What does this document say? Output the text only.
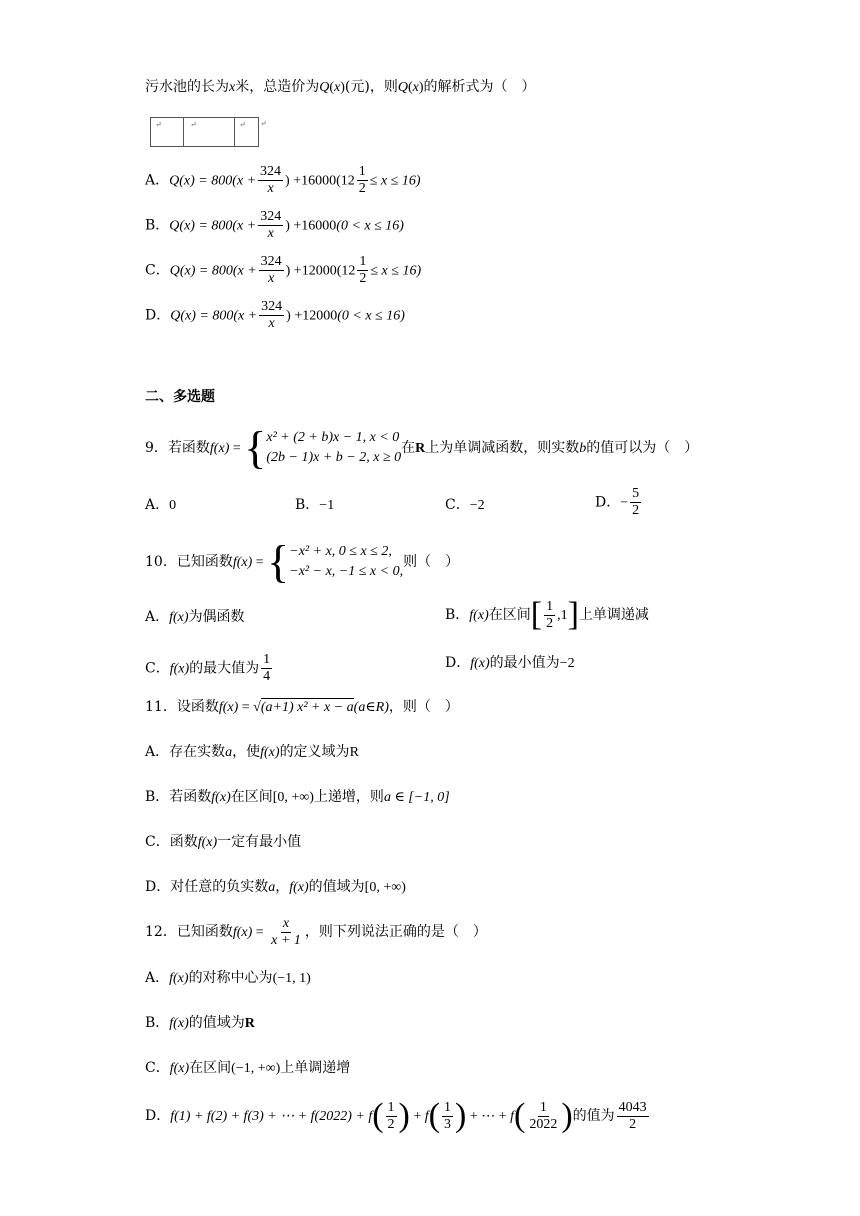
污水池的长为x米，总造价为Q(x)(元)，则Q(x)的解析式为（　）
↵	↵	↵ ↵
A．$Q(x) = 800(x + \frac{324}{x}$ ) $+16000(12 \frac{1}{2} \le x \le 16)$
B．$Q(x) = 800(x + \frac{324}{x}$ ) +16000(0 < x ≤ 16)
C．$Q(x) = 800(x + \frac{324}{x}$ ) $+12000(12 \frac{1}{2} \le x \le 16)$
D．$Q(x) = 800(x + \frac{324}{x}$ ) +12000(0 < x ≤ 16)
二、多选题
9．若函数f(x) = { x² + (2 + b)x − 1, x < 0
(2b − 1)x + b − 2, x ≥ 0
在R上为单调减函数，则实数b的值可以为（　）
A．0	B．−1	C．−2	D．− $\frac{5}{2}$
10．已知函数f(x) = { −x² + x, 0 ≤ x ≤ 2,
−x² − x, −1 ≤ x < 0,
则（　）
A．f(x)为偶函数	B．f(x)在区间[ $\frac{1}{2} ,1$]上单调递减
C．f(x)的最大值为 $\frac{1}{4}$	D．f(x)的最小值为−2
11．设函数f(x) = √(a+1) x² + x − a(a∈R)，则（　）
A．存在实数a，使f(x)的定义域为R
B．若函数f(x)在区间[0, +∞)上递增，则a ∈ [−1, 0]
C．函数f(x)一定有最小值
D．对任意的负实数a，f(x)的值域为[0, +∞)
12．已知函数$f(x) = \frac{x}{x + 1}$ ，则下列说法正确的是（　）
A．f(x)的对称中心为(−1, 1)
B．f(x)的值域为R
C．f(x)在区间(−1, +∞)上单调递增
D．f(1) + f(2) + f(3) + ⋯ + $f(2022) + f( \frac{1}{2}$ ) + $f( \frac{1}{3}$ ) + ⋯ + $f( \frac{1}{2022}$ )的值为 $\frac{4043}{2}$
